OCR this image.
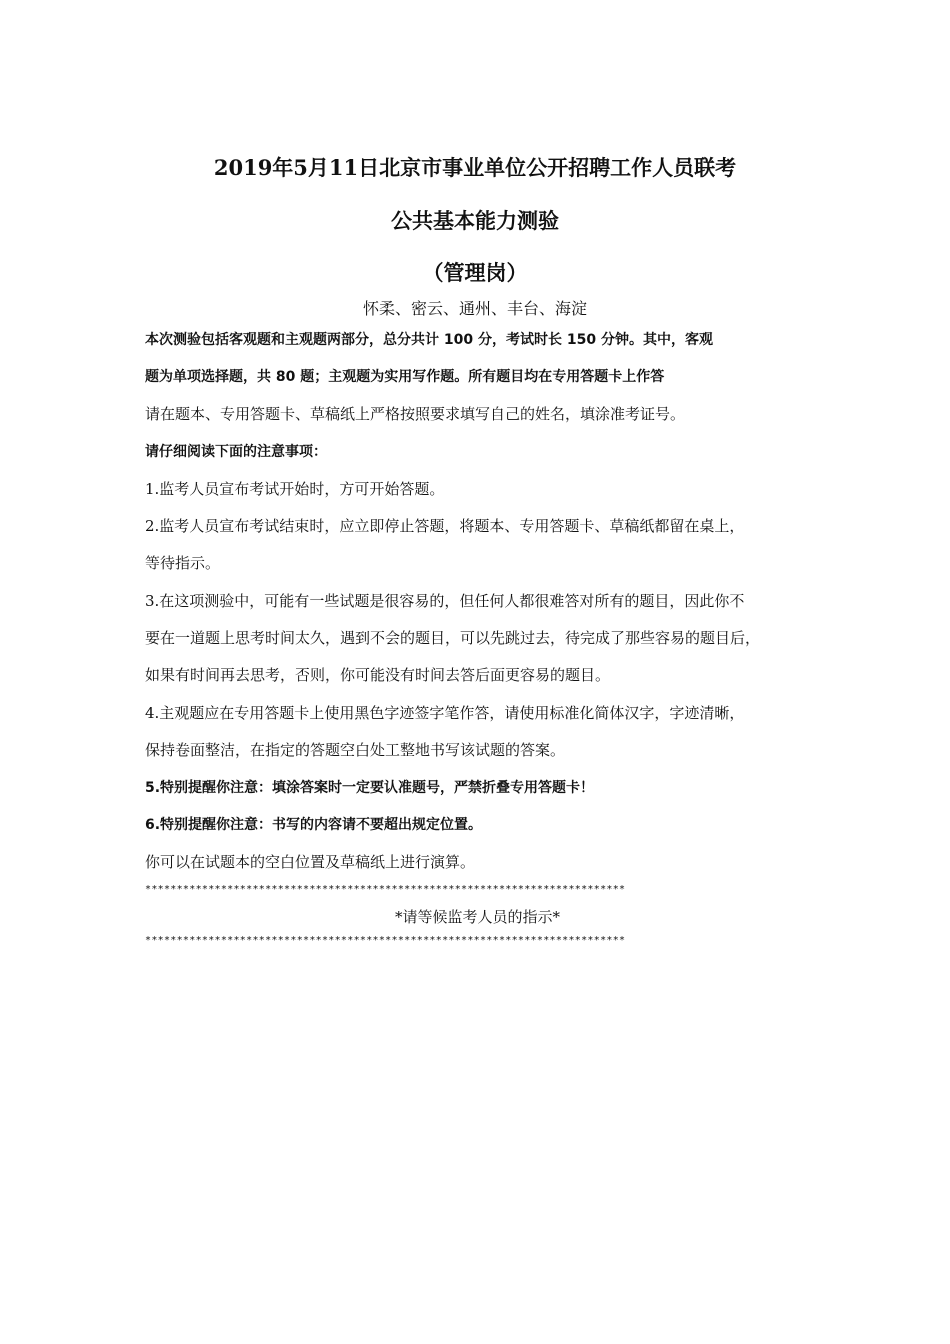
2019年5月11日北京市事业单位公开招聘工作人员联考
公共基本能力测验
（管理岗）
怀柔、密云、通州、丰台、海淀
本次测验包括客观题和主观题两部分，总分共计 100 分，考试时长 150 分钟。其中，客观
题为单项选择题，共 80 题；主观题为实用写作题。所有题目均在专用答题卡上作答
请在题本、专用答题卡、草稿纸上严格按照要求填写自己的姓名，填涂准考证号。
请仔细阅读下面的注意事项：
1.监考人员宣布考试开始时，方可开始答题。
2.监考人员宣布考试结束时，应立即停止答题，将题本、专用答题卡、草稿纸都留在桌上，
等待指示。
3.在这项测验中，可能有一些试题是很容易的，但任何人都很难答对所有的题目，因此你不
要在一道题上思考时间太久，遇到不会的题目，可以先跳过去，待完成了那些容易的题目后，
如果有时间再去思考，否则，你可能没有时间去答后面更容易的题目。
4.主观题应在专用答题卡上使用黑色字迹签字笔作答，请使用标准化简体汉字，字迹清晰，
保持卷面整洁，在指定的答题空白处工整地书写该试题的答案。
5.特别提醒你注意：填涂答案时一定要认准题号，严禁折叠专用答题卡！
6.特别提醒你注意：书写的内容请不要超出规定位置。
你可以在试题本的空白位置及草稿纸上进行演算。
****************************************************************************
*请等候监考人员的指示*
****************************************************************************
